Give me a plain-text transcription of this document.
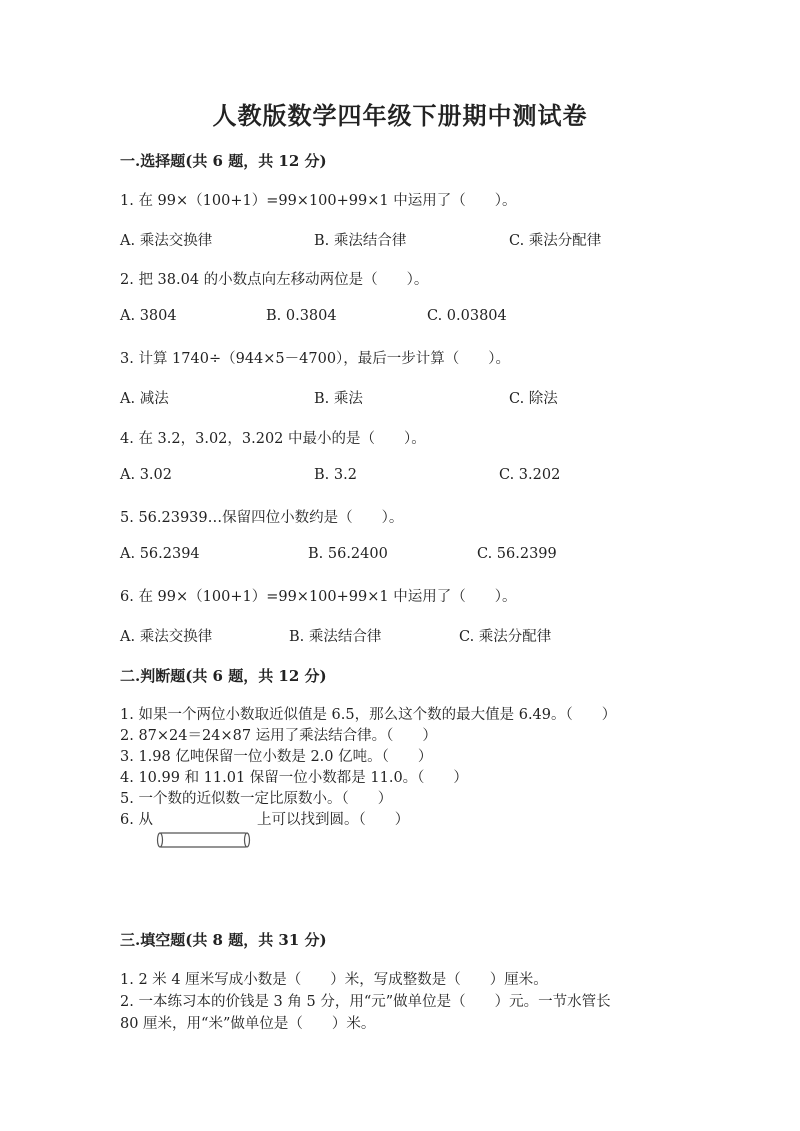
人教版数学四年级下册期中测试卷
一.选择题(共 6 题，共 12 分)
1. 在 99×（100+1）=99×100+99×1 中运用了（　　）。
A. 乘法交换律	B. 乘法结合律	C. 乘法分配律
2. 把 38.04 的小数点向左移动两位是（　　）。
A. 3804	B. 0.3804	C. 0.03804
3. 计算 1740÷（944×5－4700），最后一步计算（　　）。
A. 减法	B. 乘法	C. 除法
4. 在 3.2，3.02，3.202 中最小的是（　　）。
A. 3.02	B. 3.2	C. 3.202
5. 56.23939…保留四位小数约是（　　）。
A. 56.2394	B. 56.2400	C. 56.2399
6. 在 99×（100+1）=99×100+99×1 中运用了（　　）。
A. 乘法交换律	B. 乘法结合律	C. 乘法分配律
二.判断题(共 6 题，共 12 分)
1. 如果一个两位小数取近似值是 6.5，那么这个数的最大值是 6.49。（　　）
2. 87×24＝24×87 运用了乘法结合律。（　　）
3. 1.98 亿吨保留一位小数是 2.0 亿吨。（　　）
4. 10.99 和 11.01 保留一位小数都是 11.0。（　　）
5. 一个数的近似数一定比原数小。（　　）
6. 从	上可以找到圆。（　　）
三.填空题(共 8 题，共 31 分)
1. 2 米 4 厘米写成小数是（　　）米，写成整数是（　　）厘米。
2. 一本练习本的价钱是 3 角 5 分，用“元”做单位是（　　）元。一节水管长
80 厘米，用“米”做单位是（　　）米。
